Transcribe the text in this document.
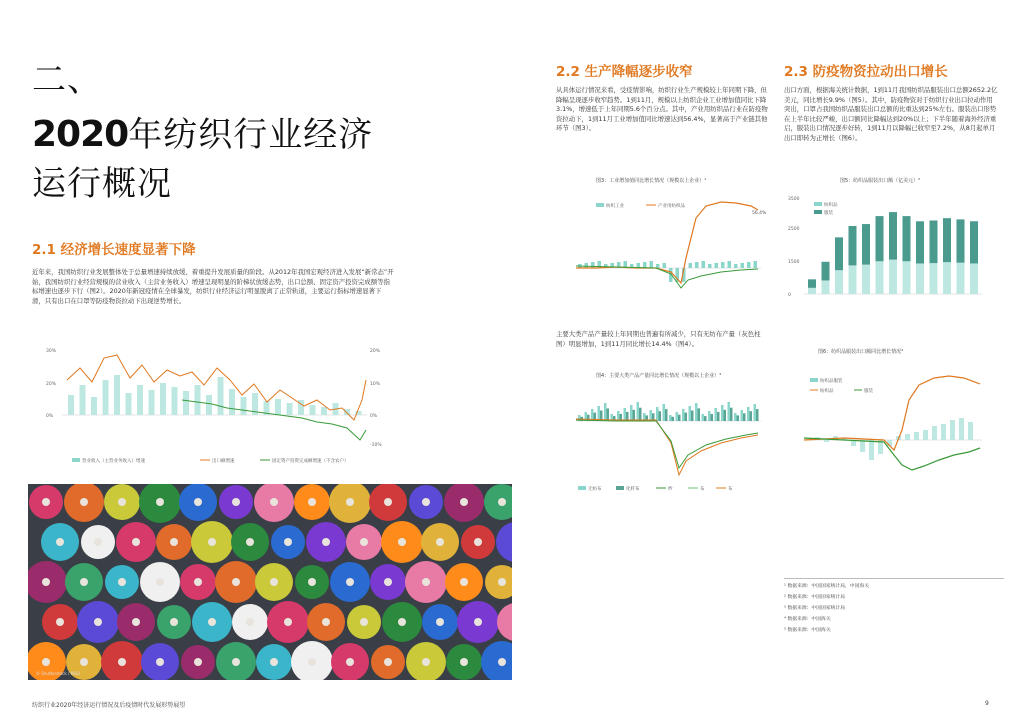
二、
2020年纺织行业经济
运行概况
2.1 经济增长速度显著下降
近年来，我国纺织行业发展整体处于总量增速持续放缓、着重提升发展质量的阶段。从2012年我国宏观经济进入发展“新常态”开始，我国纺织行业经营规模的营业收入（主营业务收入）增速呈现明显的阶梯状放缓态势，出口总额、固定资产投资完成额等指标增速也逐步下行（图2）。2020年新冠疫情在全球暴发，纺织行业经济运行明显脱离了正常轨道，主要运行指标增速显著下滑，只有出口在口罩等防疫物资拉动下出现逆势增长。
30%
20%
0%
20%
10%
0%
-10%
营业收入（主营业务收入）增速	出口额增速	固定资产投资完成额增速（不含农户）
© Shutterstock / M&D
纺织行业2020年经济运行情况及后疫情时代发展形势展望
2.2 生产降幅逐步收窄
从具体运行情况来看，受疫情影响，纺织行业生产规模较上年同期下降，但降幅呈现逐步收窄趋势。1到11月，规模以上纺织企业工业增加值同比下降3.1%，增速低于上年同期5.6个百分点。其中，产业用纺织品行业在防疫物资拉动下，1到11月工业增加值同比增速达到56.4%，显著高于产业链其他环节（图3）。
图3：工业增加值同比增长情况（规模以上企业）¹
纺织工业	产业用纺织品
56.4%
主要大类产品产量较上年同期也普遍有所减少，只有无纺布产量（灰色柱图）明显增加，1到11月同比增长14.4%（图4）。
图4：主要大类产品产量同比增长情况（规模以上企业）³
无纺布	化纤布	纱	布	布
2.3 防疫物资拉动出口增长
出口方面，根据海关统计数据，1到11月我国纺织品服装出口总额2652.2亿美元，同比增长9.9%（图5）。其中，防疫物资对于纺织行业出口拉动作用突出，口罩占我国纺织品服装出口总额的比重达到25%左右。服装出口形势在上半年比较严峻，出口额同比降幅达到20%以上；下半年随着海外经济重启，服装出口情况逐步好转，1到11月以降幅已收窄至7.2%，从8月起单月出口即转为正增长（图6）。
图5：纺织品服装出口额（亿美元）²
3500
2500
1500
0
纺织品
服装
图6：纺织品服装出口额同比增长情况⁴
纺织品服装
纺织品	服装
¹ 数据来源：中国国家统计局，中国海关
² 数据来源：中国国家统计局
³ 数据来源：中国国家统计局
⁴ 数据来源：中国海关
⁵ 数据来源：中国海关
9
